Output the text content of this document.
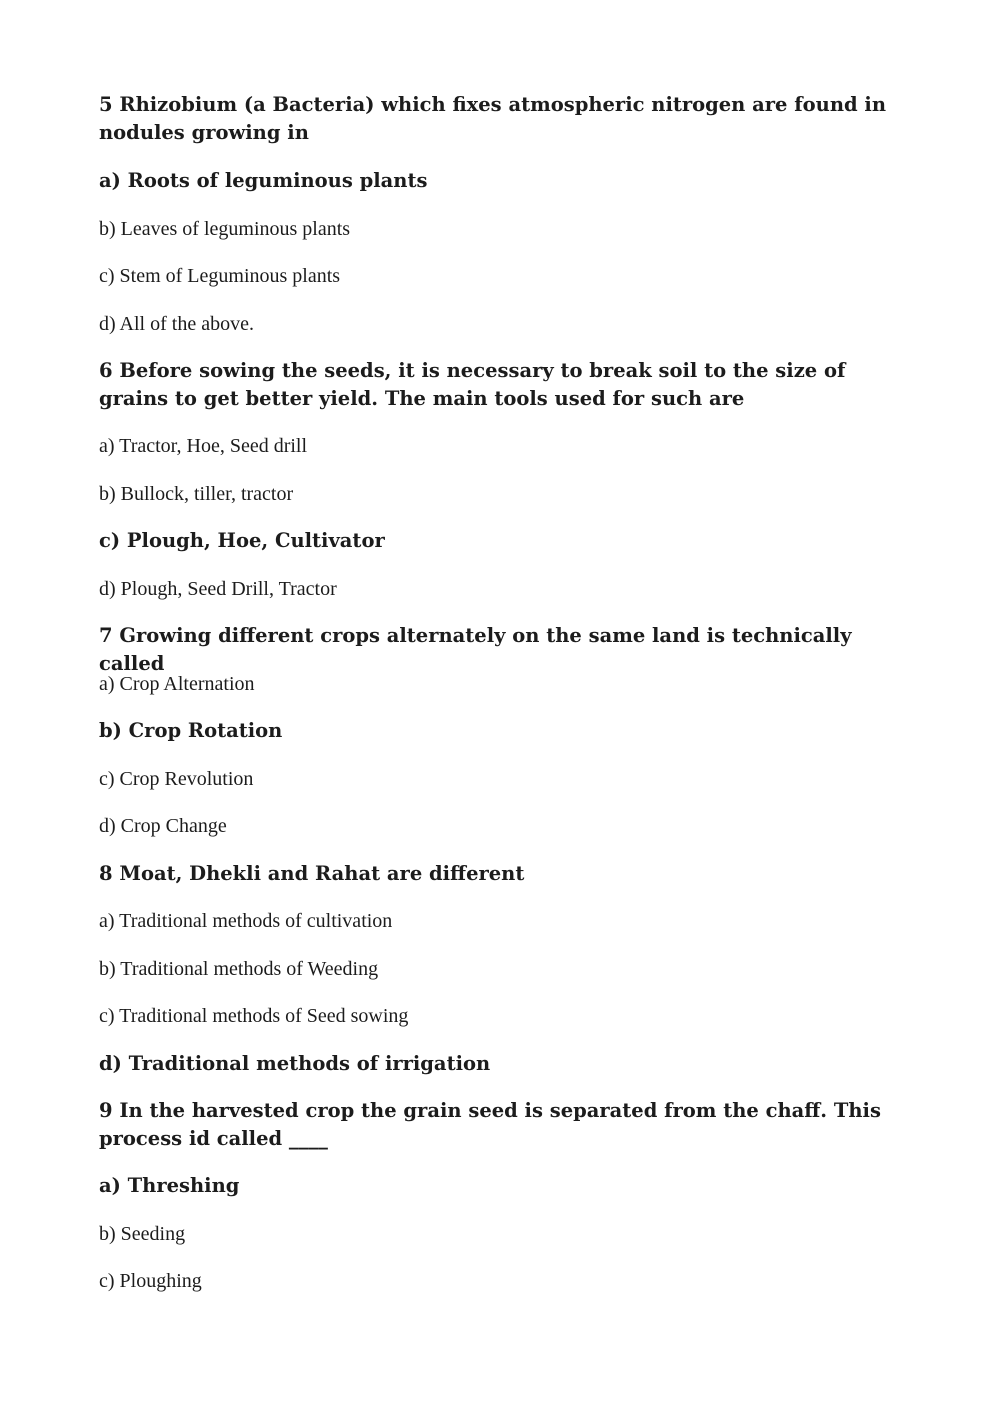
5 Rhizobium (a Bacteria) which fixes atmospheric nitrogen are found in nodules growing in

a) Roots of leguminous plants

b) Leaves of leguminous plants

c) Stem of Leguminous plants

d) All of the above.

6 Before sowing the seeds, it is necessary to break soil to the size of grains to get better yield. The main tools used for such are

a) Tractor, Hoe, Seed drill

b) Bullock, tiller, tractor

c) Plough, Hoe, Cultivator

d) Plough, Seed Drill, Tractor

7 Growing different crops alternately on the same land is technically called

a) Crop Alternation

b) Crop Rotation

c) Crop Revolution

d) Crop Change

8 Moat, Dhekli and Rahat are different

a) Traditional methods of cultivation

b) Traditional methods of Weeding

c) Traditional methods of Seed sowing

d) Traditional methods of irrigation

9 In the harvested crop the grain seed is separated from the chaff. This process id called ____

a) Threshing

b) Seeding

c) Ploughing
